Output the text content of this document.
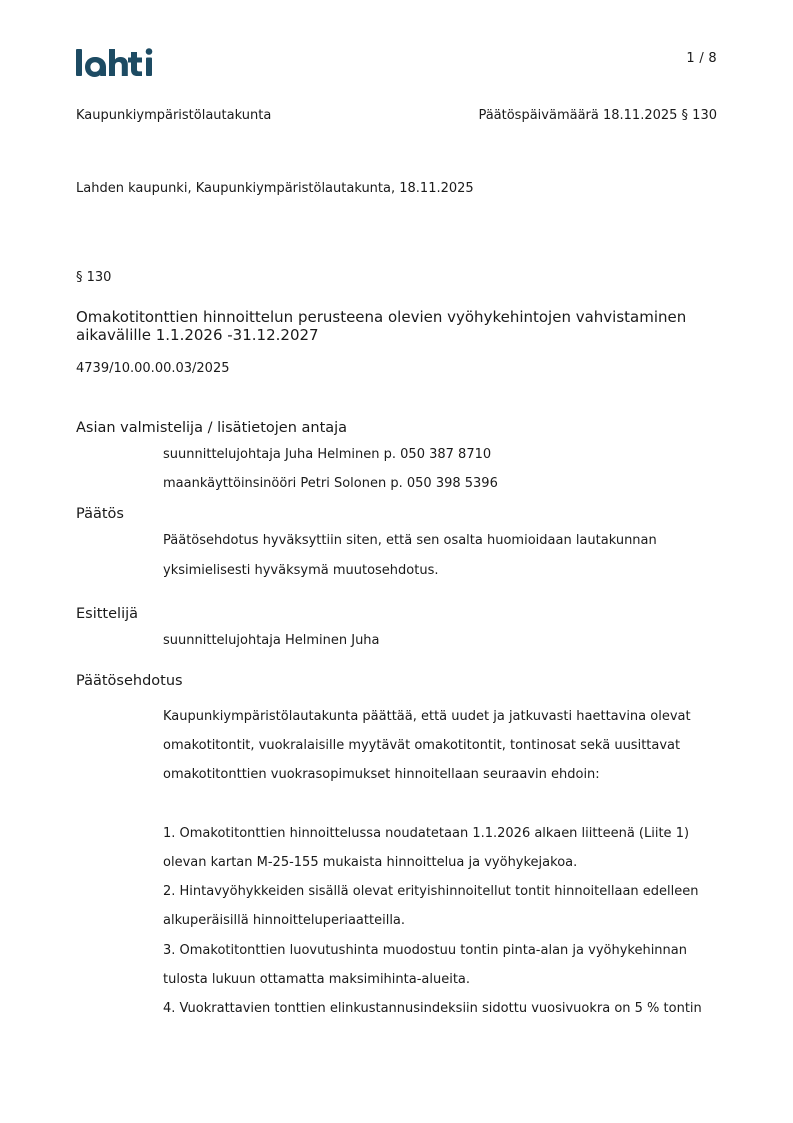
1 / 8
Kaupunkiympäristölautakunta	Päätöspäivämäärä 18.11.2025 § 130
Lahden kaupunki, Kaupunkiympäristölautakunta, 18.11.2025
§ 130
Omakotitonttien hinnoittelun perusteena olevien vyöhykehintojen vahvistaminen
aikavälille 1.1.2026 -31.12.2027
4739/10.00.00.03/2025
Asian valmistelija / lisätietojen antaja
suunnittelujohtaja Juha Helminen p. 050 387 8710
maankäyttöinsinööri Petri Solonen p. 050 398 5396
Päätös
Päätösehdotus hyväksyttiin siten, että sen osalta huomioidaan lautakunnan
yksimielisesti hyväksymä muutosehdotus.
Esittelijä
suunnittelujohtaja Helminen Juha
Päätösehdotus
Kaupunkiympäristölautakunta päättää, että uudet ja jatkuvasti haettavina olevat
omakotitontit, vuokralaisille myytävät omakotitontit, tontinosat sekä uusittavat
omakotitonttien vuokrasopimukset hinnoitellaan seuraavin ehdoin:
1. Omakotitonttien hinnoittelussa noudatetaan 1.1.2026 alkaen liitteenä (Liite 1)
olevan kartan M-25-155 mukaista hinnoittelua ja vyöhykejakoa.
2. Hintavyöhykkeiden sisällä olevat erityishinnoitellut tontit hinnoitellaan edelleen
alkuperäisillä hinnoitteluperiaatteilla.
3. Omakotitonttien luovutushinta muodostuu tontin pinta-alan ja vyöhykehinnan
tulosta lukuun ottamatta maksimihinta-alueita.
4. Vuokrattavien tonttien elinkustannusindeksiin sidottu vuosivuokra on 5 % tontin
